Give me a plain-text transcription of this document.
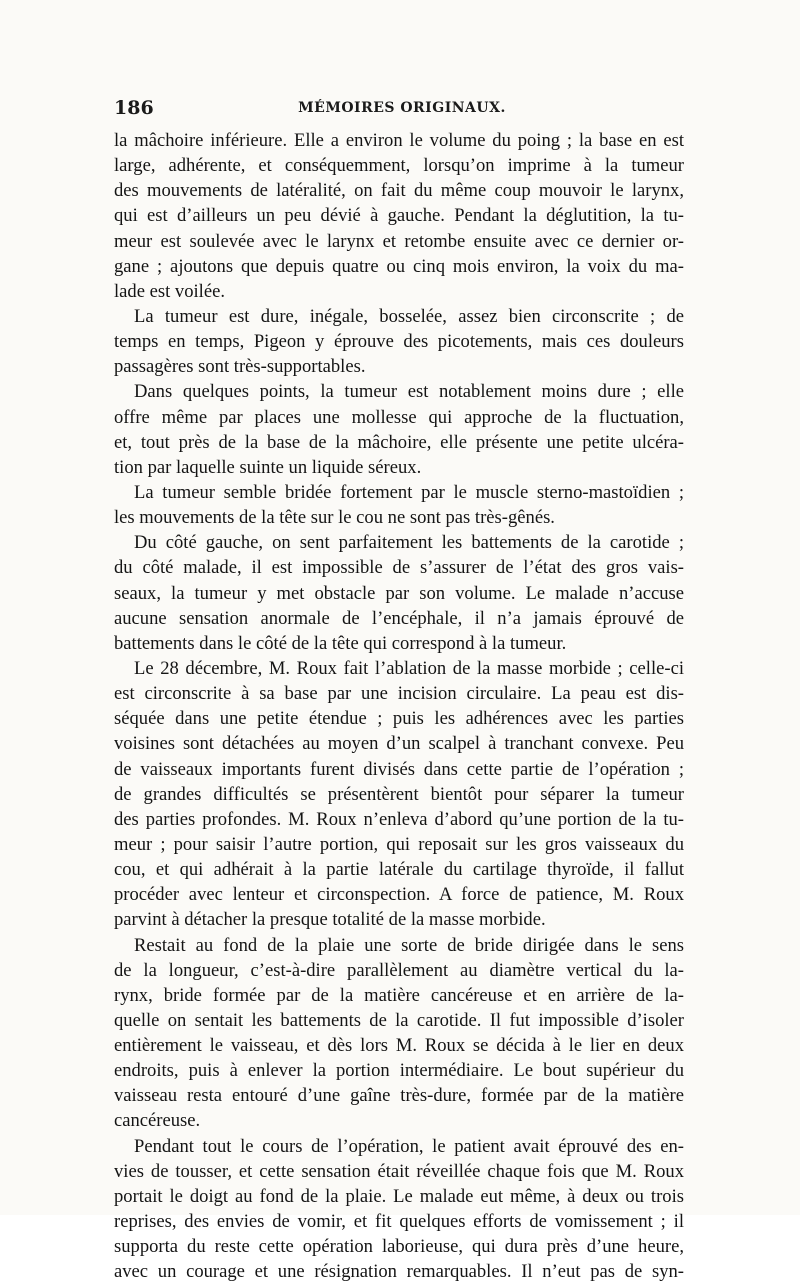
186	MÉMOIRES ORIGINAUX.
la mâchoire inférieure. Elle a environ le volume du poing ; la base en est
large, adhérente, et conséquemment, lorsqu’on imprime à la tumeur
des mouvements de latéralité, on fait du même coup mouvoir le larynx,
qui est d’ailleurs un peu dévié à gauche. Pendant la déglutition, la tu-
meur est soulevée avec le larynx et retombe ensuite avec ce dernier or-
gane ; ajoutons que depuis quatre ou cinq mois environ, la voix du ma-
lade est voilée.
La tumeur est dure, inégale, bosselée, assez bien circonscrite ; de
temps en temps, Pigeon y éprouve des picotements, mais ces douleurs
passagères sont très-supportables.
Dans quelques points, la tumeur est notablement moins dure ; elle
offre même par places une mollesse qui approche de la fluctuation,
et, tout près de la base de la mâchoire, elle présente une petite ulcéra-
tion par laquelle suinte un liquide séreux.
La tumeur semble bridée fortement par le muscle sterno-mastoïdien ;
les mouvements de la tête sur le cou ne sont pas très-gênés.
Du côté gauche, on sent parfaitement les battements de la carotide ;
du côté malade, il est impossible de s’assurer de l’état des gros vais-
seaux, la tumeur y met obstacle par son volume. Le malade n’accuse
aucune sensation anormale de l’encéphale, il n’a jamais éprouvé de
battements dans le côté de la tête qui correspond à la tumeur.
Le 28 décembre, M. Roux fait l’ablation de la masse morbide ; celle-ci
est circonscrite à sa base par une incision circulaire. La peau est dis-
séquée dans une petite étendue ; puis les adhérences avec les parties
voisines sont détachées au moyen d’un scalpel à tranchant convexe. Peu
de vaisseaux importants furent divisés dans cette partie de l’opération ;
de grandes difficultés se présentèrent bientôt pour séparer la tumeur
des parties profondes. M. Roux n’enleva d’abord qu’une portion de la tu-
meur ; pour saisir l’autre portion, qui reposait sur les gros vaisseaux du
cou, et qui adhérait à la partie latérale du cartilage thyroïde, il fallut
procéder avec lenteur et circonspection. A force de patience, M. Roux
parvint à détacher la presque totalité de la masse morbide.
Restait au fond de la plaie une sorte de bride dirigée dans le sens
de la longueur, c’est-à-dire parallèlement au diamètre vertical du la-
rynx, bride formée par de la matière cancéreuse et en arrière de la-
quelle on sentait les battements de la carotide. Il fut impossible d’isoler
entièrement le vaisseau, et dès lors M. Roux se décida à le lier en deux
endroits, puis à enlever la portion intermédiaire. Le bout supérieur du
vaisseau resta entouré d’une gaîne très-dure, formée par de la matière
cancéreuse.
Pendant tout le cours de l’opération, le patient avait éprouvé des en-
vies de tousser, et cette sensation était réveillée chaque fois que M. Roux
portait le doigt au fond de la plaie. Le malade eut même, à deux ou trois
reprises, des envies de vomir, et fit quelques efforts de vomissement ; il
supporta du reste cette opération laborieuse, qui dura près d’une heure,
avec un courage et une résignation remarquables. Il n’eut pas de syn-
